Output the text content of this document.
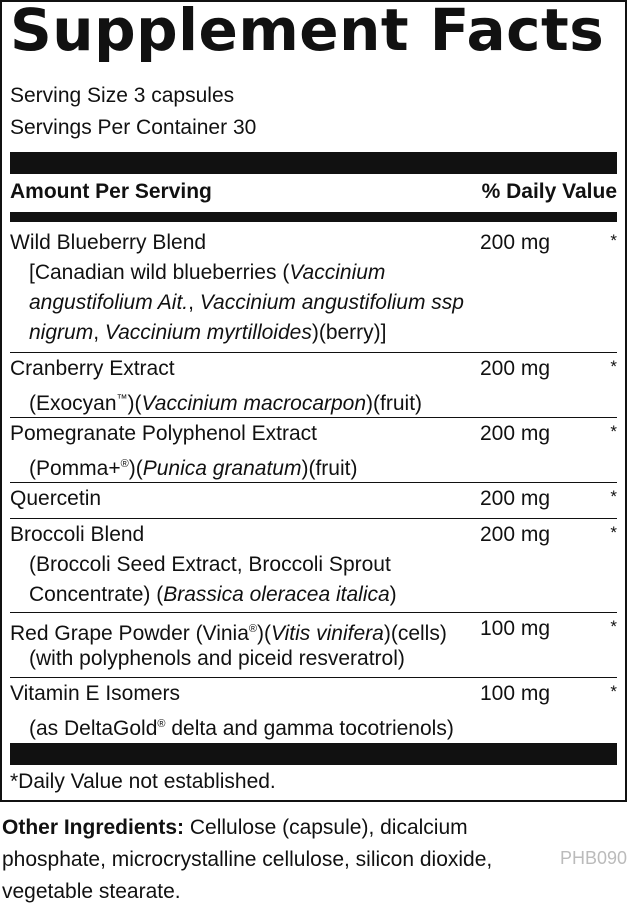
Supplement Facts
Serving Size 3 capsules
Servings Per Container 30
Amount Per Serving	% Daily Value
Wild Blueberry Blend	200 mg	*
[Canadian wild blueberries (Vaccinium angustifolium Ait., Vaccinium angustifolium ssp nigrum, Vaccinium myrtilloides)(berry)]
Cranberry Extract	200 mg	*
(Exocyan™)(Vaccinium macrocarpon)(fruit)
Pomegranate Polyphenol Extract	200 mg	*
(Pomma+®)(Punica granatum)(fruit)
Quercetin	200 mg	*
Broccoli Blend	200 mg	*
(Broccoli Seed Extract, Broccoli Sprout Concentrate) (Brassica oleracea italica)
Red Grape Powder (Vinia®)(Vitis vinifera)(cells) 100 mg	*
(with polyphenols and piceid resveratrol)
Vitamin E Isomers	100 mg	*
(as DeltaGold® delta and gamma tocotrienols)
*Daily Value not established.
Other Ingredients: Cellulose (capsule), dicalcium phosphate, microcrystalline cellulose, silicon dioxide, vegetable stearate.
PHB090
